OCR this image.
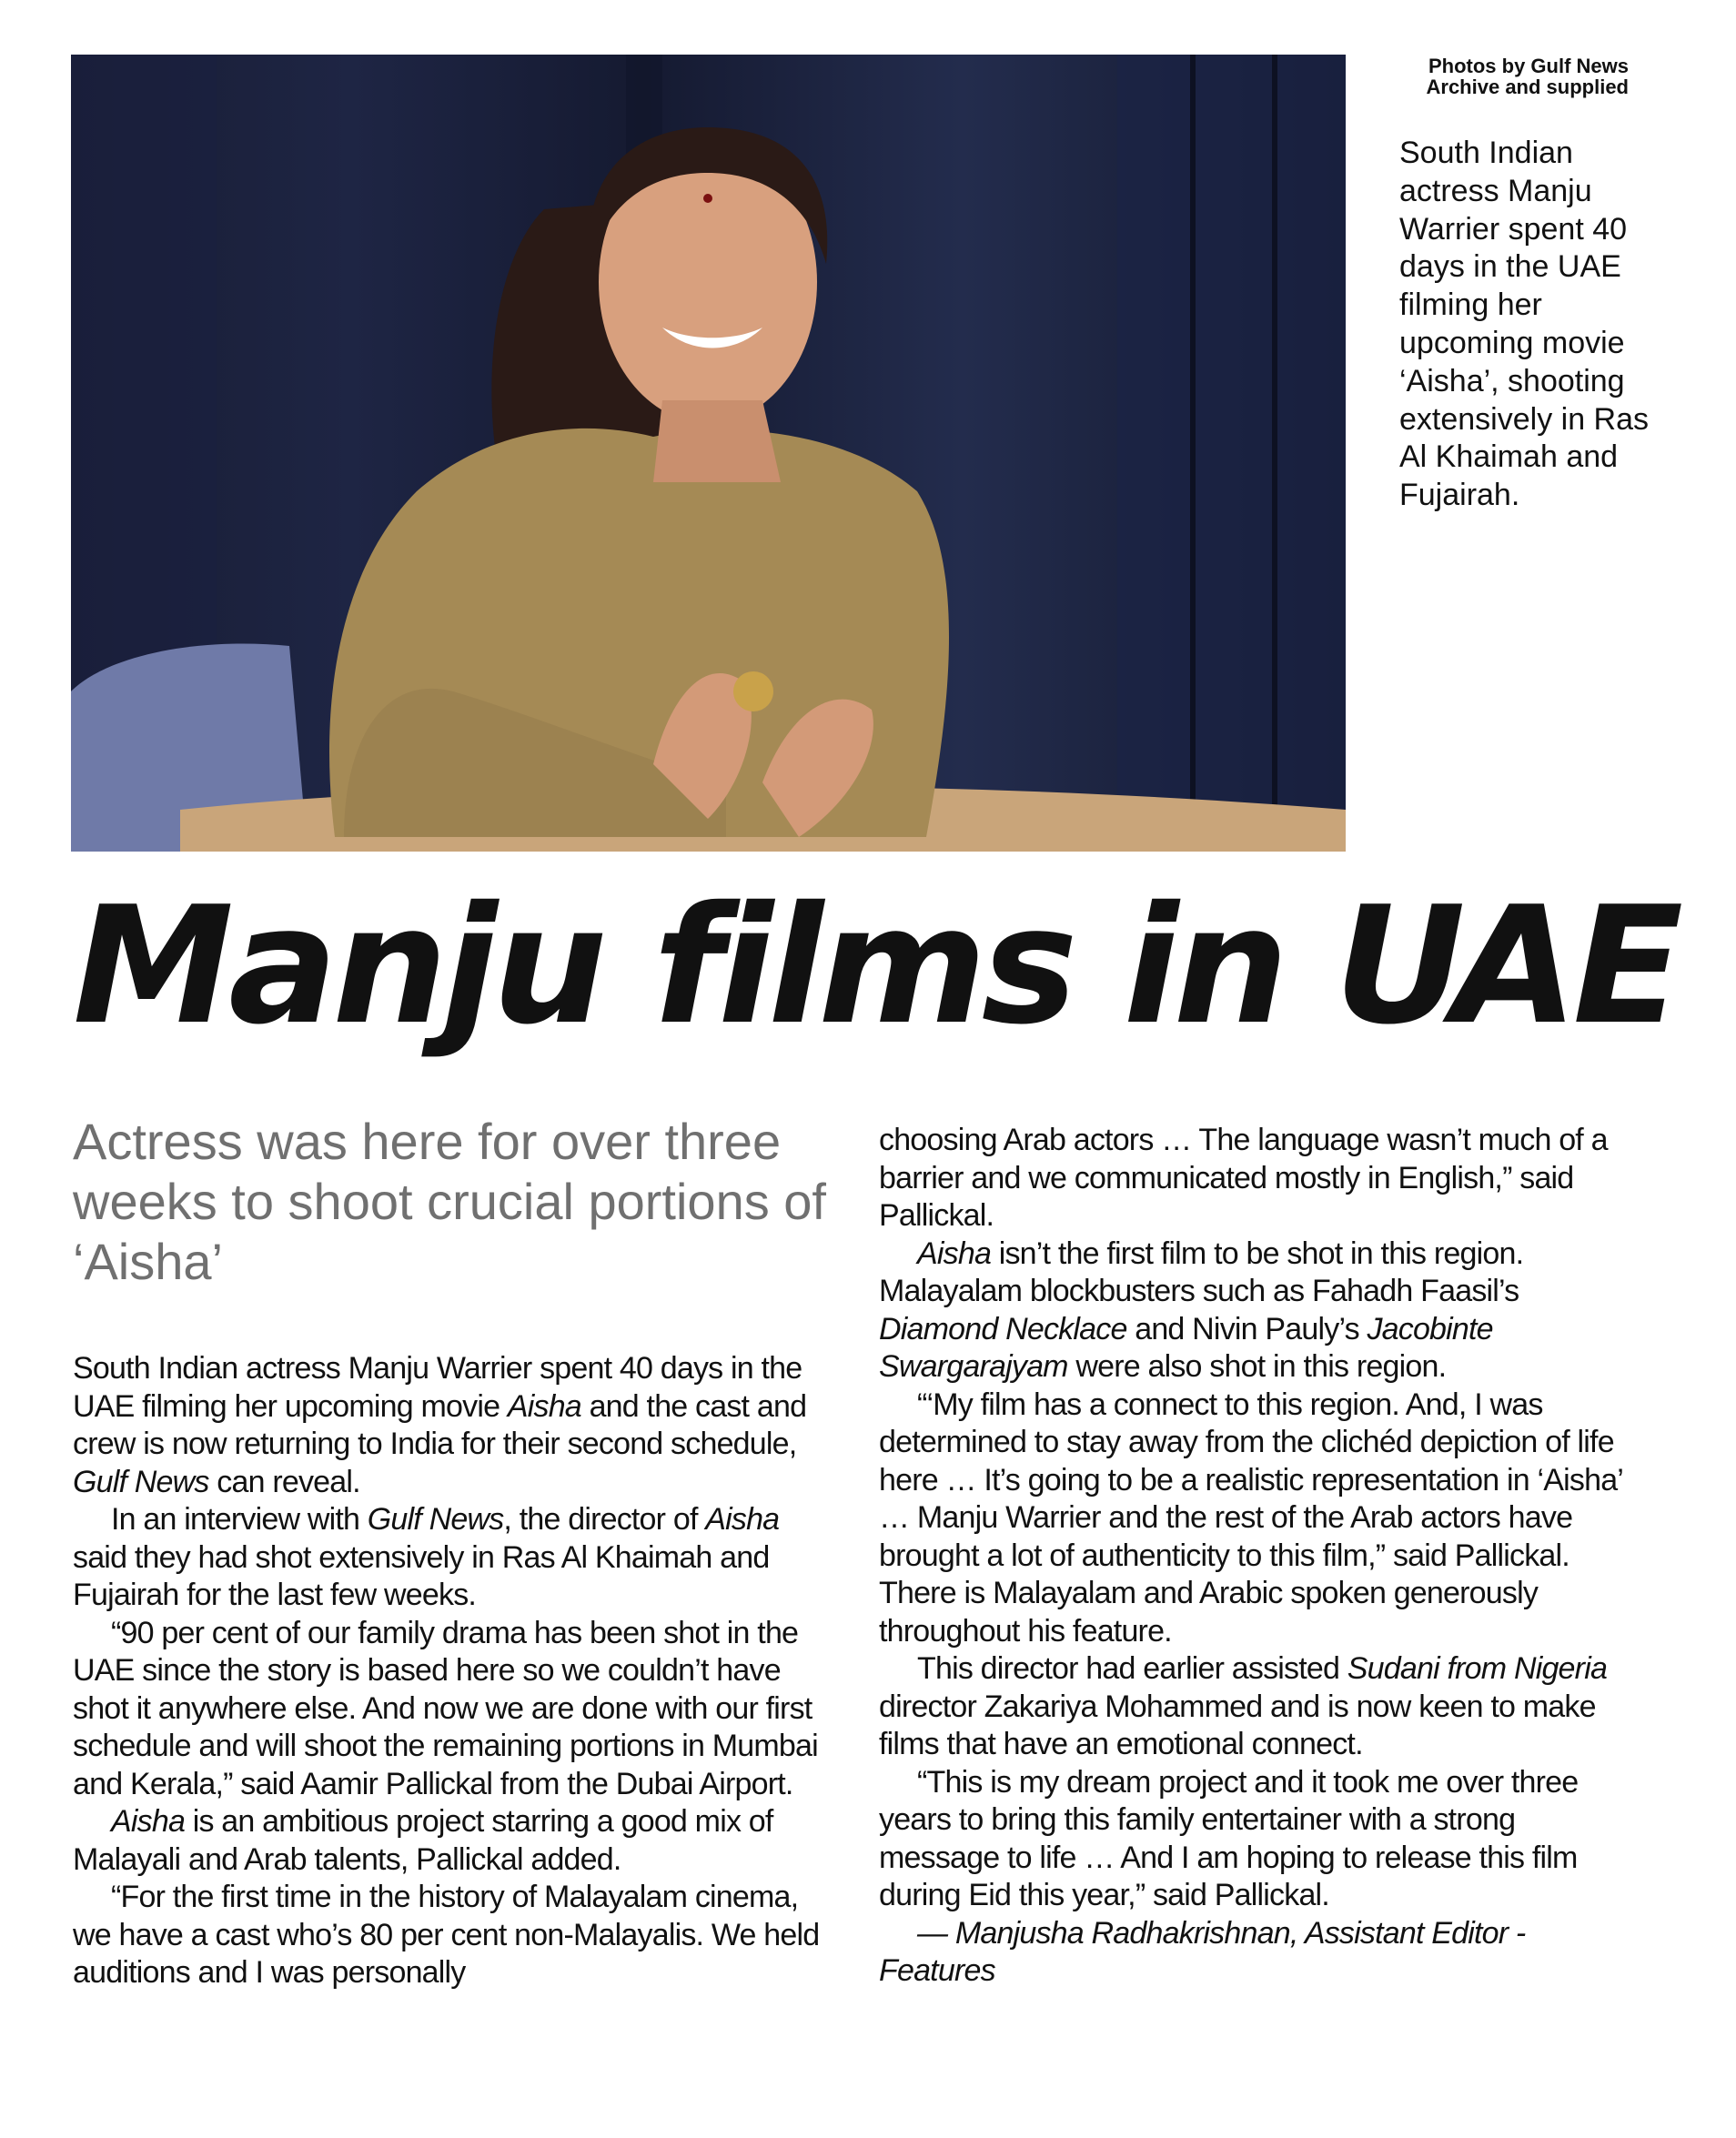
Photos by Gulf News Archive and supplied

South Indian actress Manju Warrier spent 40 days in the UAE filming her upcoming movie ‘Aisha’, shooting extensively in Ras Al Khaimah and Fujairah.

Manju films in UAE
Actress was here for over three weeks to shoot crucial portions of ‘Aisha’

South Indian actress Manju Warrier spent 40 days in the UAE filming her upcoming movie Aisha and the cast and crew is now returning to India for their second schedule, Gulf News can reveal.

In an interview with Gulf News, the director of Aisha said they had shot extensively in Ras Al Khaimah and Fujairah for the last few weeks.

“90 per cent of our family drama has been shot in the UAE since the story is based here so we couldn’t have shot it anywhere else. And now we are done with our first schedule and will shoot the remaining portions in Mumbai and Kerala,” said Aamir Pallickal from the Dubai Airport.

Aisha is an ambitious project starring a good mix of Malayali and Arab talents, Pallickal added.

“For the first time in the history of Malayalam cinema, we have a cast who’s 80 per cent non-Malayalis. We held auditions and I was personally

choosing Arab actors … The language wasn’t much of a barrier and we communicated mostly in English,” said Pallickal.

Aisha isn’t the first film to be shot in this region. Malayalam blockbusters such as Fahadh Faasil’s Diamond Necklace and Nivin Pauly’s Jacobinte Swargarajyam were also shot in this region.

“‘My film has a connect to this region. And, I was determined to stay away from the clichéd depiction of life here … It’s going to be a realistic representation in ‘Aisha’ … Manju Warrier and the rest of the Arab actors have brought a lot of authenticity to this film,” said Pallickal. There is Malayalam and Arabic spoken generously throughout his feature.

This director had earlier assisted Sudani from Nigeria director Zakariya Mohammed and is now keen to make films that have an emotional connect.

“This is my dream project and it took me over three years to bring this family entertainer with a strong message to life … And I am hoping to release this film during Eid this year,” said Pallickal.

— Manjusha Radhakrishnan, Assistant Editor - Features
